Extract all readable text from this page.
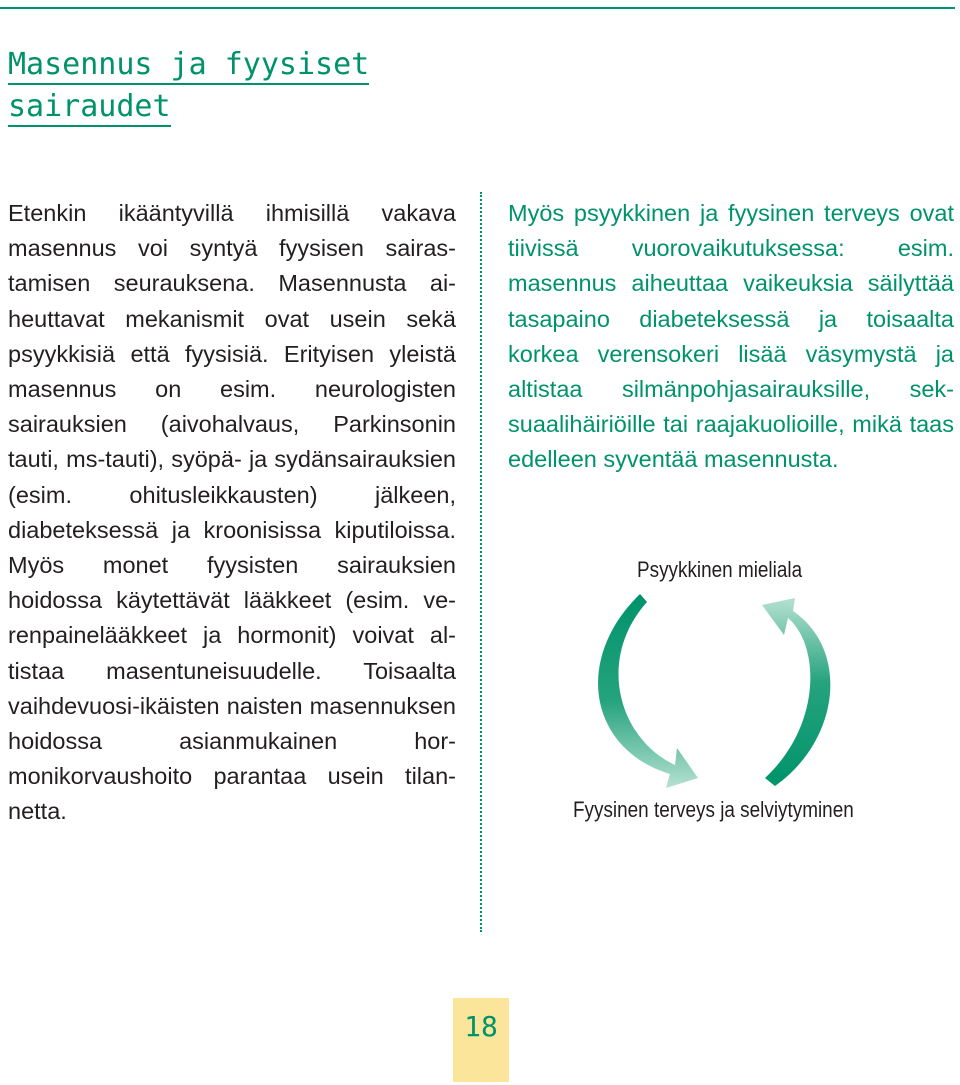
Masennus ja fyysiset
sairaudet

Etenkin ikääntyvillä ihmisillä vakava masennus voi syntyä fyysisen sairastamisen seurauksena. Masennusta aiheuttavat mekanismit ovat usein sekä psyykkisiä että fyysisiä. Erityisen yleistä masennus on esim. neurologisten sairauksien (aivohalvaus, Parkinsonin tauti, ms-tauti), syöpä- ja sydänsairauksien (esim. ohitusleikkausten) jälkeen, diabeteksessä ja kroonisissa kiputiloissa. Myös monet fyysisten sairauksien hoidossa käytettävät lääkkeet (esim. verenpainelääkkeet ja hormonit) voivat altistaa masentuneisuudelle. Toisaalta vaihdevuosi-ikäisten naisten masennuksen hoidossa asianmukainen hormonikorvaushoito parantaa usein tilannetta.

Myös psyykkinen ja fyysinen terveys ovat tiivissä vuorovaikutuksessa: esim. masennus aiheuttaa vaikeuksia säilyttää tasapaino diabeteksessä ja toisaalta korkea verensokeri lisää väsymystä ja altistaa silmänpohjasairauksille, seksuaalihäiriöille tai raajakuolioille, mikä taas edelleen syventää masennusta.

Psyykkinen mieliala
Fyysinen terveys ja selviytyminen
18
